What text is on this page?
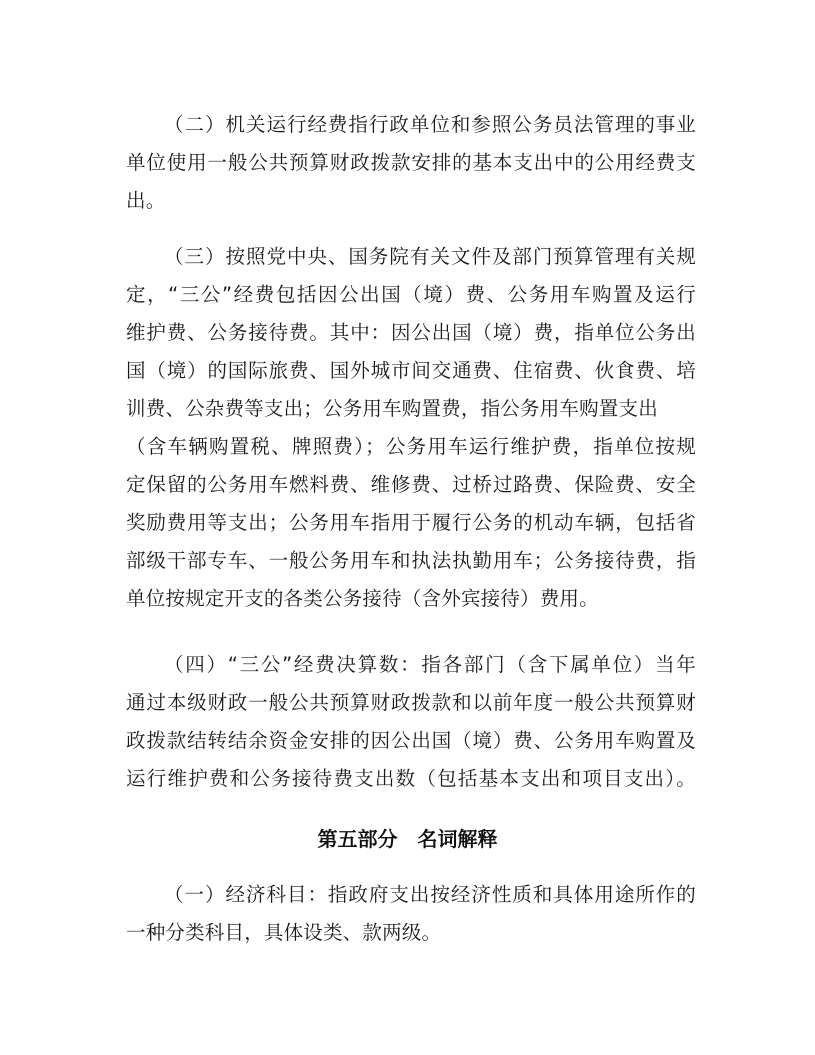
（二）机关运行经费指行政单位和参照公务员法管理的事业
单位使用一般公共预算财政拨款安排的基本支出中的公用经费支
出。
（三）按照党中央、国务院有关文件及部门预算管理有关规
定，“三公”经费包括因公出国（境）费、公务用车购置及运行
维护费、公务接待费。其中：因公出国（境）费，指单位公务出
国（境）的国际旅费、国外城市间交通费、住宿费、伙食费、培
训费、公杂费等支出；公务用车购置费，指公务用车购置支出
（含车辆购置税、牌照费）；公务用车运行维护费，指单位按规
定保留的公务用车燃料费、维修费、过桥过路费、保险费、安全
奖励费用等支出；公务用车指用于履行公务的机动车辆，包括省
部级干部专车、一般公务用车和执法执勤用车；公务接待费，指
单位按规定开支的各类公务接待（含外宾接待）费用。
（四）“三公”经费决算数：指各部门（含下属单位）当年
通过本级财政一般公共预算财政拨款和以前年度一般公共预算财
政拨款结转结余资金安排的因公出国（境）费、公务用车购置及
运行维护费和公务接待费支出数（包括基本支出和项目支出）。
第五部分　名词解释
（一）经济科目：指政府支出按经济性质和具体用途所作的
一种分类科目，具体设类、款两级。
